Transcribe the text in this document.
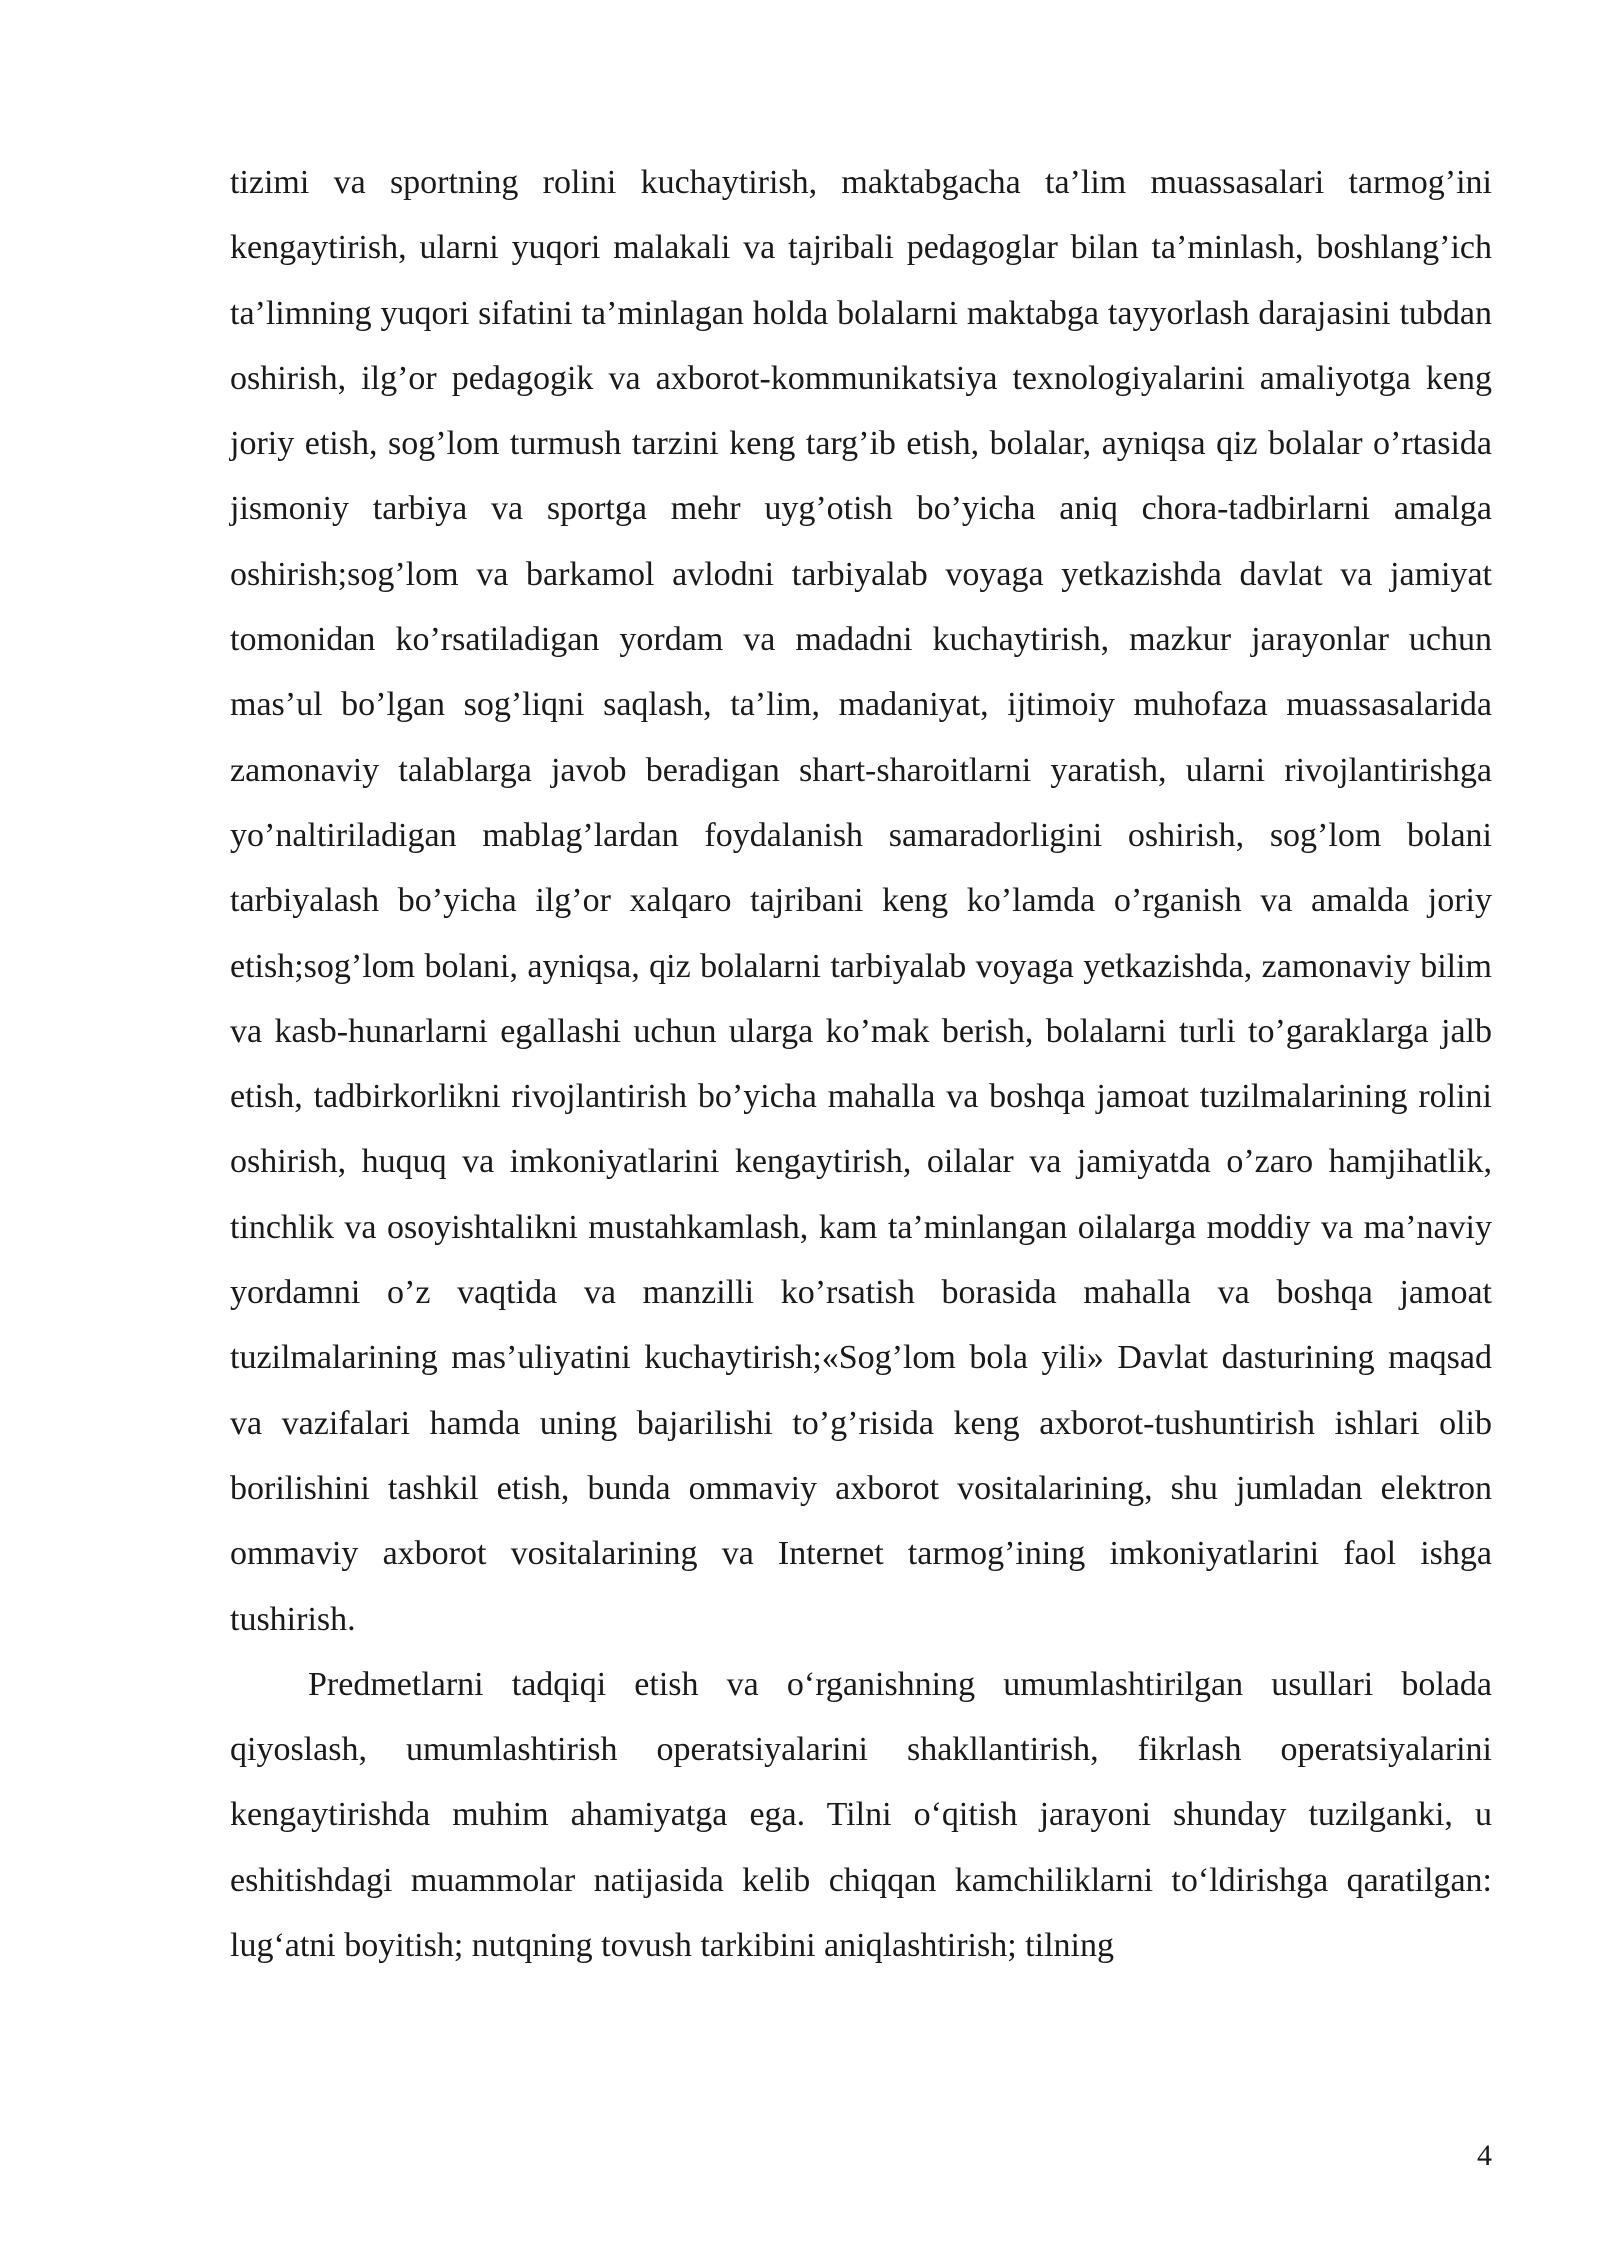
tizimi va sportning rolini kuchaytirish, maktabgacha ta’lim muassasalari tarmog’ini kengaytirish, ularni yuqori malakali va tajribali pedagoglar bilan ta’minlash, boshlang’ich ta’limning yuqori sifatini ta’minlagan holda bolalarni maktabga tayyorlash darajasini tubdan oshirish, ilg’or pedagogik va axborot-kommunikatsiya texnologiyalarini amaliyotga keng joriy etish, sog’lom turmush tarzini keng targ’ib etish, bolalar, ayniqsa qiz bolalar o’rtasida jismoniy tarbiya va sportga mehr uyg’otish bo’yicha aniq chora-tadbirlarni amalga oshirish;sog’lom va barkamol avlodni tarbiyalab voyaga yetkazishda davlat va jamiyat tomonidan ko’rsatiladigan yordam va madadni kuchaytirish, mazkur jarayonlar uchun mas’ul bo’lgan sog’liqni saqlash, ta’lim, madaniyat, ijtimoiy muhofaza muassasalarida zamonaviy talablarga javob beradigan shart-sharoitlarni yaratish, ularni rivojlantirishga yo’naltiriladigan mablag’lardan foydalanish samaradorligini oshirish, sog’lom bolani tarbiyalash bo’yicha ilg’or xalqaro tajribani keng ko’lamda o’rganish va amalda joriy etish;sog’lom bolani, ayniqsa, qiz bolalarni tarbiyalab voyaga yetkazishda, zamonaviy bilim va kasb-hunarlarni egallashi uchun ularga ko’mak berish, bolalarni turli to’garaklarga jalb etish, tadbirkorlikni rivojlantirish bo’yicha mahalla va boshqa jamoat tuzilmalarining rolini oshirish, huquq va imkoniyatlarini kengaytirish, oilalar va jamiyatda o’zaro hamjihatlik, tinchlik va osoyishtalikni mustahkamlash, kam ta’minlangan oilalarga moddiy va ma’naviy yordamni o’z vaqtida va manzilli ko’rsatish borasida mahalla va boshqa jamoat tuzilmalarining mas’uliyatini kuchaytirish;«Sog’lom bola yili» Davlat dasturining maqsad va vazifalari hamda uning bajarilishi to’g’risida keng axborot-tushuntirish ishlari olib borilishini tashkil etish, bunda ommaviy axborot vositalarining, shu jumladan elektron ommaviy axborot vositalarining va Internet tarmog’ining imkoniyatlarini faol ishga tushirish.

Predmetlarni tadqiqi etish va o‘rganishning umumlashtirilgan usullari bolada qiyoslash, umumlashtirish operatsiyalarini shakllantirish, fikrlash operatsiyalarini kengaytirishda muhim ahamiyatga ega. Tilni o‘qitish jarayoni shunday tuzilganki, u eshitishdagi muammolar natijasida kelib chiqqan kamchiliklarni to‘ldirishga qaratilgan: lug‘atni boyitish; nutqning tovush tarkibini aniqlashtirish; tilning

4
